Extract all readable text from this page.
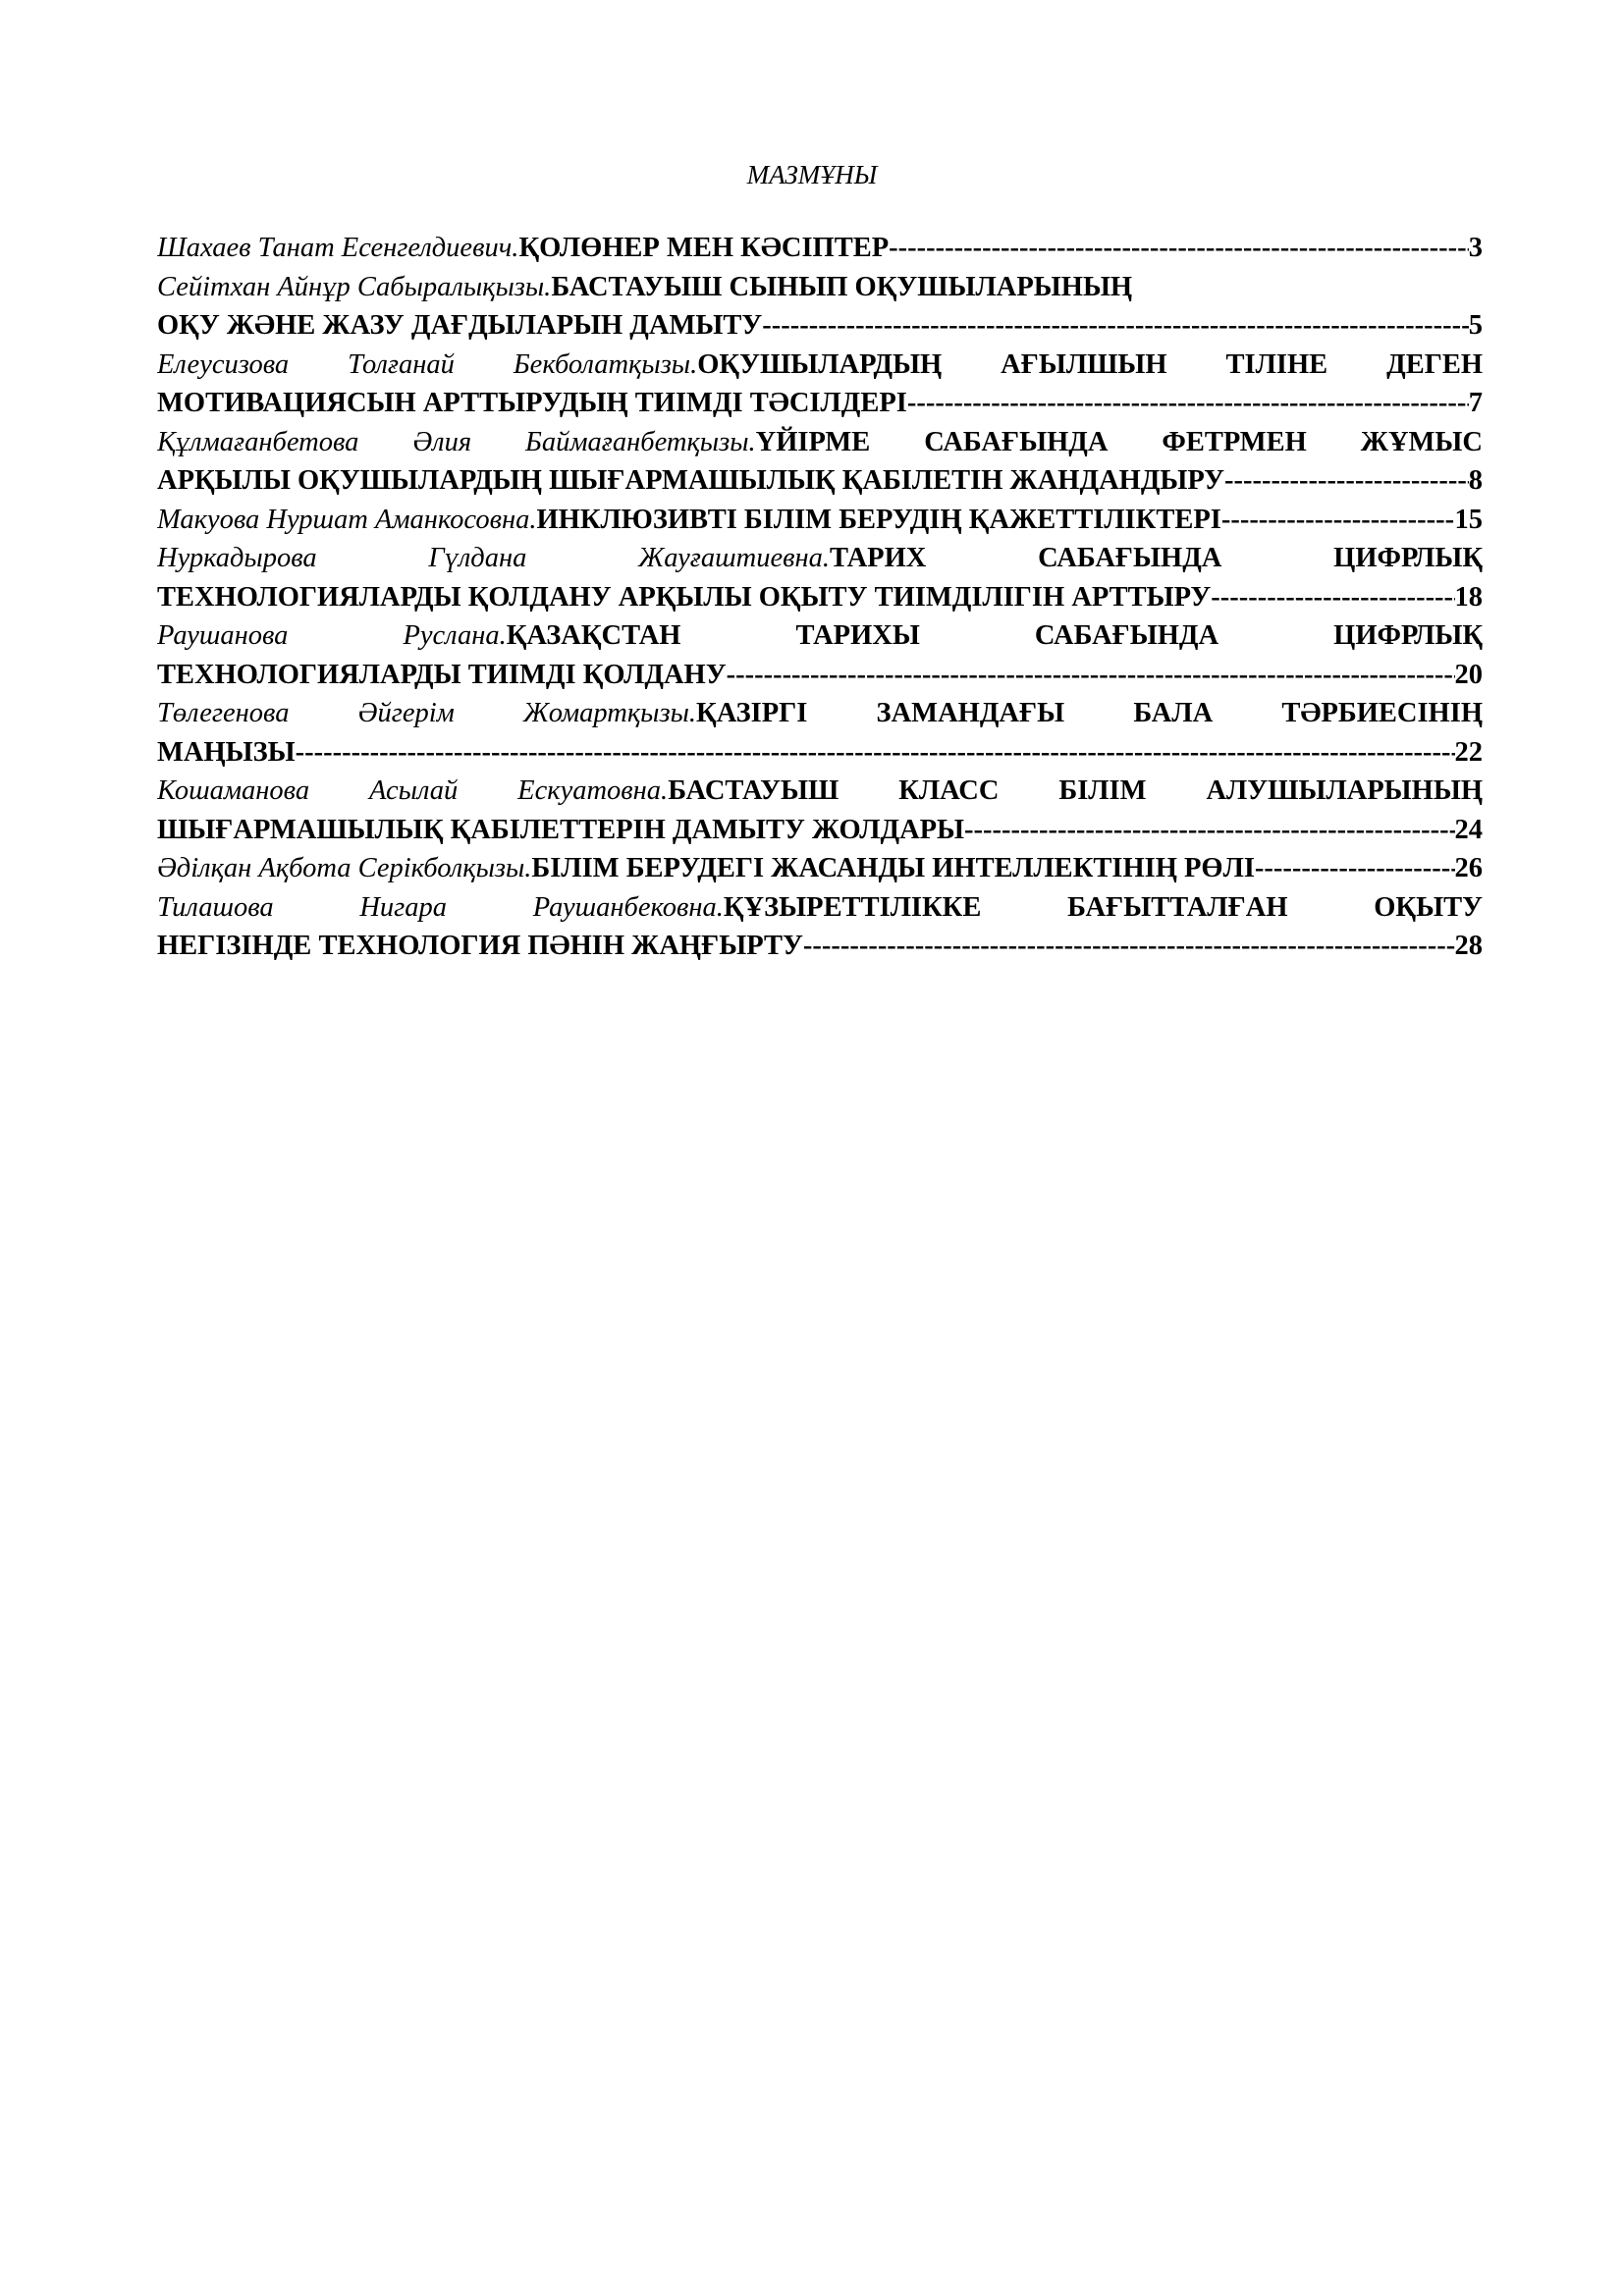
МАЗМҰНЫ
Шахаев Танат Есенгелдиевич. ҚОЛӨНЕР МЕН КӘСІПТЕР -----	3
Сейітхан Айнұр Сабыралықызы.БАСТАУЫШ СЫНЫП ОҚУШЫЛАРЫНЫҢ
ОҚУ ЖӘНЕ ЖАЗУ ДАҒДЫЛАРЫН ДАМЫТУ -----	5
Елеусизова Толғанай Бекболатқызы.ОҚУШЫЛАРДЫҢ АҒЫЛШЫН ТІЛІНЕ ДЕГЕН
МОТИВАЦИЯСЫН АРТТЫРУДЫҢ ТИІМДІ ТӘСІЛДЕРІ -----	7
Құлмағанбетова Әлия Баймағанбетқызы.ҮЙІРМЕ САБАҒЫНДА ФЕТРМЕН ЖҰМЫС
АРҚЫЛЫ ОҚУШЫЛАРДЫҢ ШЫҒАРМАШЫЛЫҚ ҚАБІЛЕТІН ЖАНДАНДЫРУ -----	8
Макуова Нуршат Аманкосовна. ИНКЛЮЗИВТІ БІЛІМ БЕРУДІҢ ҚАЖЕТТІЛІКТЕРІ -----	15
Нуркадырова Гүлдана Жауғаштиевна.ТАРИХ САБАҒЫНДА ЦИФРЛЫҚ
ТЕХНОЛОГИЯЛАРДЫ ҚОЛДАНУ АРҚЫЛЫ ОҚЫТУ ТИІМДІЛІГІН АРТТЫРУ -----	18
Раушанова Руслана.ҚАЗАҚСТАН ТАРИХЫ САБАҒЫНДА ЦИФРЛЫҚ
ТЕХНОЛОГИЯЛАРДЫ ТИІМДІ ҚОЛДАНУ -----	20
Төлегенова Әйгерім Жомартқызы.ҚАЗІРГІ ЗАМАНДАҒЫ БАЛА ТӘРБИЕСІНІҢ
МАҢЫЗЫ -----	22
Кошаманова Асылай Ескуатовна.БАСТАУЫШ КЛАСС БІЛІМ АЛУШЫЛАРЫНЫҢ
ШЫҒАРМАШЫЛЫҚ ҚАБІЛЕТТЕРІН ДАМЫТУ ЖОЛДАРЫ -----	24
Әділқан Ақбота Серікболқызы. БІЛІМ БЕРУДЕГІ ЖАСАНДЫ ИНТЕЛЛЕКТІНІҢ РӨЛІ -----	26
Тилашова Нигара Раушанбековна.ҚҰЗЫРЕТТІЛІККЕ БАҒЫТТАЛҒАН ОҚЫТУ
НЕГІЗІНДЕ ТЕХНОЛОГИЯ ПӘНІН ЖАҢҒЫРТУ -----	28
